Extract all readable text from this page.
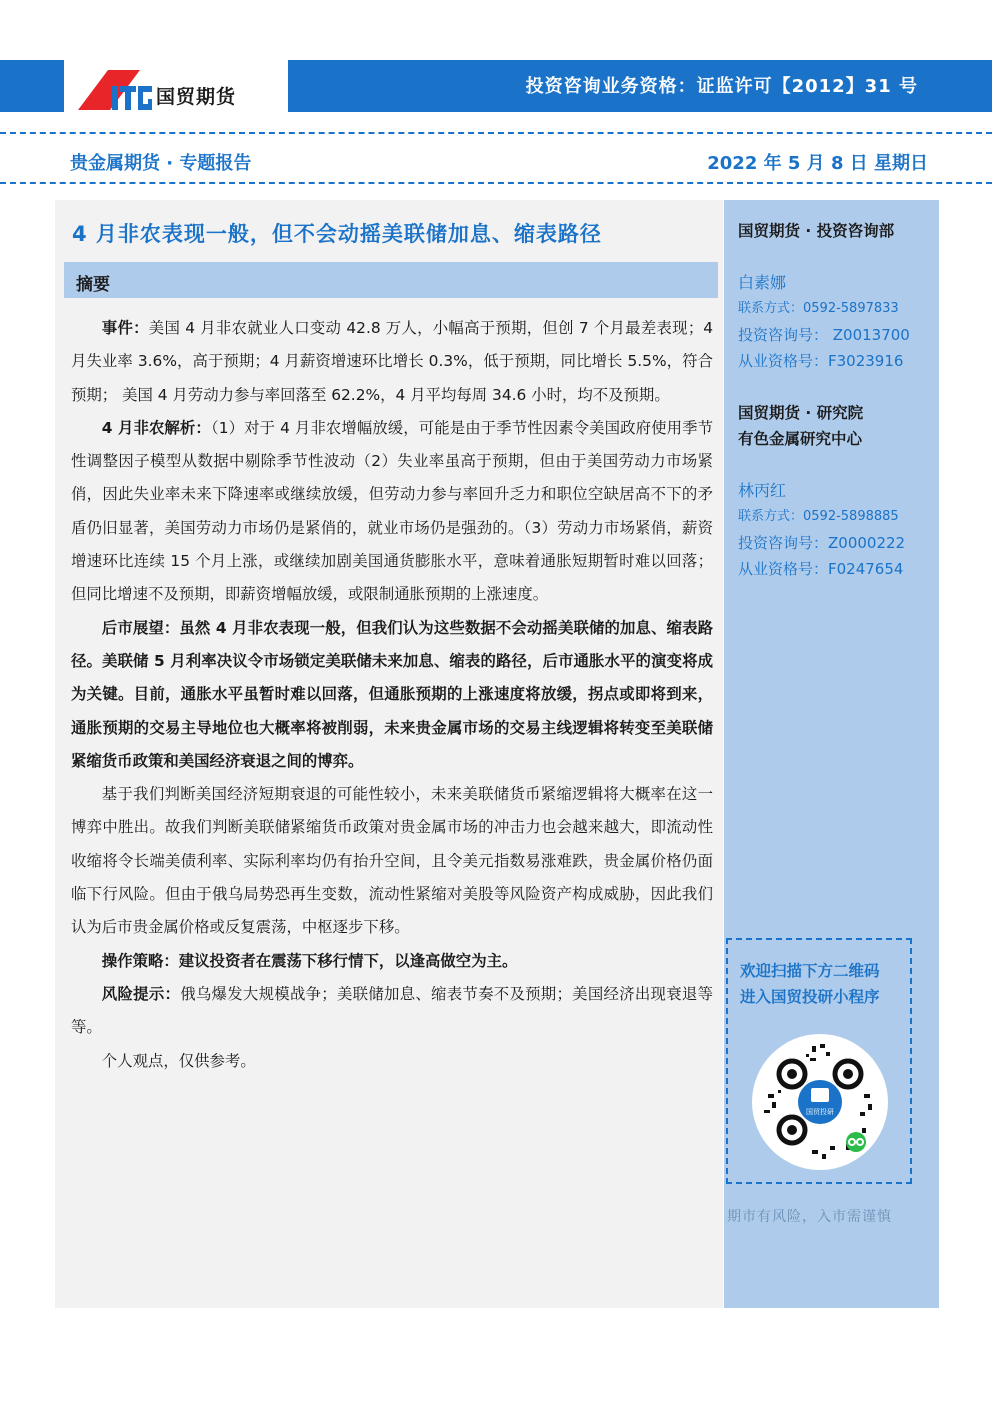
国贸期货	投资咨询业务资格：证监许可【2012】31 号
贵金属期货 · 专题报告	2022 年 5 月 8 日 星期日
4 月非农表现一般，但不会动摇美联储加息、缩表路径
摘要

事件：美国 4 月非农就业人口变动 42.8 万人，小幅高于预期，但创 7 个月最差表现；4 月失业率 3.6%，高于预期；4 月薪资增速环比增长 0.3%，低于预期，同比增长 5.5%，符合预期； 美国 4 月劳动力参与率回落至 62.2%，4 月平均每周 34.6 小时，均不及预期。

4 月非农解析：（1）对于 4 月非农增幅放缓，可能是由于季节性因素令美国政府使用季节性调整因子模型从数据中剔除季节性波动（2）失业率虽高于预期，但由于美国劳动力市场紧俏，因此失业率未来下降速率或继续放缓，但劳动力参与率回升乏力和职位空缺居高不下的矛盾仍旧显著，美国劳动力市场仍是紧俏的，就业市场仍是强劲的。（3）劳动力市场紧俏，薪资增速环比连续 15 个月上涨，或继续加剧美国通货膨胀水平，意味着通胀短期暂时难以回落；但同比增速不及预期，即薪资增幅放缓，或限制通胀预期的上涨速度。

后市展望：虽然 4 月非农表现一般，但我们认为这些数据不会动摇美联储的加息、缩表路径。美联储 5 月利率决议令市场锁定美联储未来加息、缩表的路径，后市通胀水平的演变将成为关键。目前，通胀水平虽暂时难以回落，但通胀预期的上涨速度将放缓，拐点或即将到来，通胀预期的交易主导地位也大概率将被削弱，未来贵金属市场的交易主线逻辑将转变至美联储紧缩货币政策和美国经济衰退之间的博弈。

基于我们判断美国经济短期衰退的可能性较小，未来美联储货币紧缩逻辑将大概率在这一博弈中胜出。故我们判断美联储紧缩货币政策对贵金属市场的冲击力也会越来越大，即流动性收缩将令长端美债利率、实际利率均仍有抬升空间，且令美元指数易涨难跌，贵金属价格仍面临下行风险。但由于俄乌局势恐再生变数，流动性紧缩对美股等风险资产构成威胁，因此我们认为后市贵金属价格或反复震荡，中枢逐步下移。

操作策略：建议投资者在震荡下移行情下，以逢高做空为主。

风险提示：俄乌爆发大规模战争；美联储加息、缩表节奏不及预期；美国经济出现衰退等等。

个人观点，仅供参考。

国贸期货 · 投资咨询部
白素娜
联系方式：0592-5897833
投资咨询号： Z0013700
从业资格号：F3023916
国贸期货 · 研究院
有色金属研究中心
林丙红
联系方式：0592-5898885
投资咨询号：Z0000222
从业资格号：F0247654
欢迎扫描下方二维码
进入国贸投研小程序
国贸投研
期市有风险，入市需谨慎
